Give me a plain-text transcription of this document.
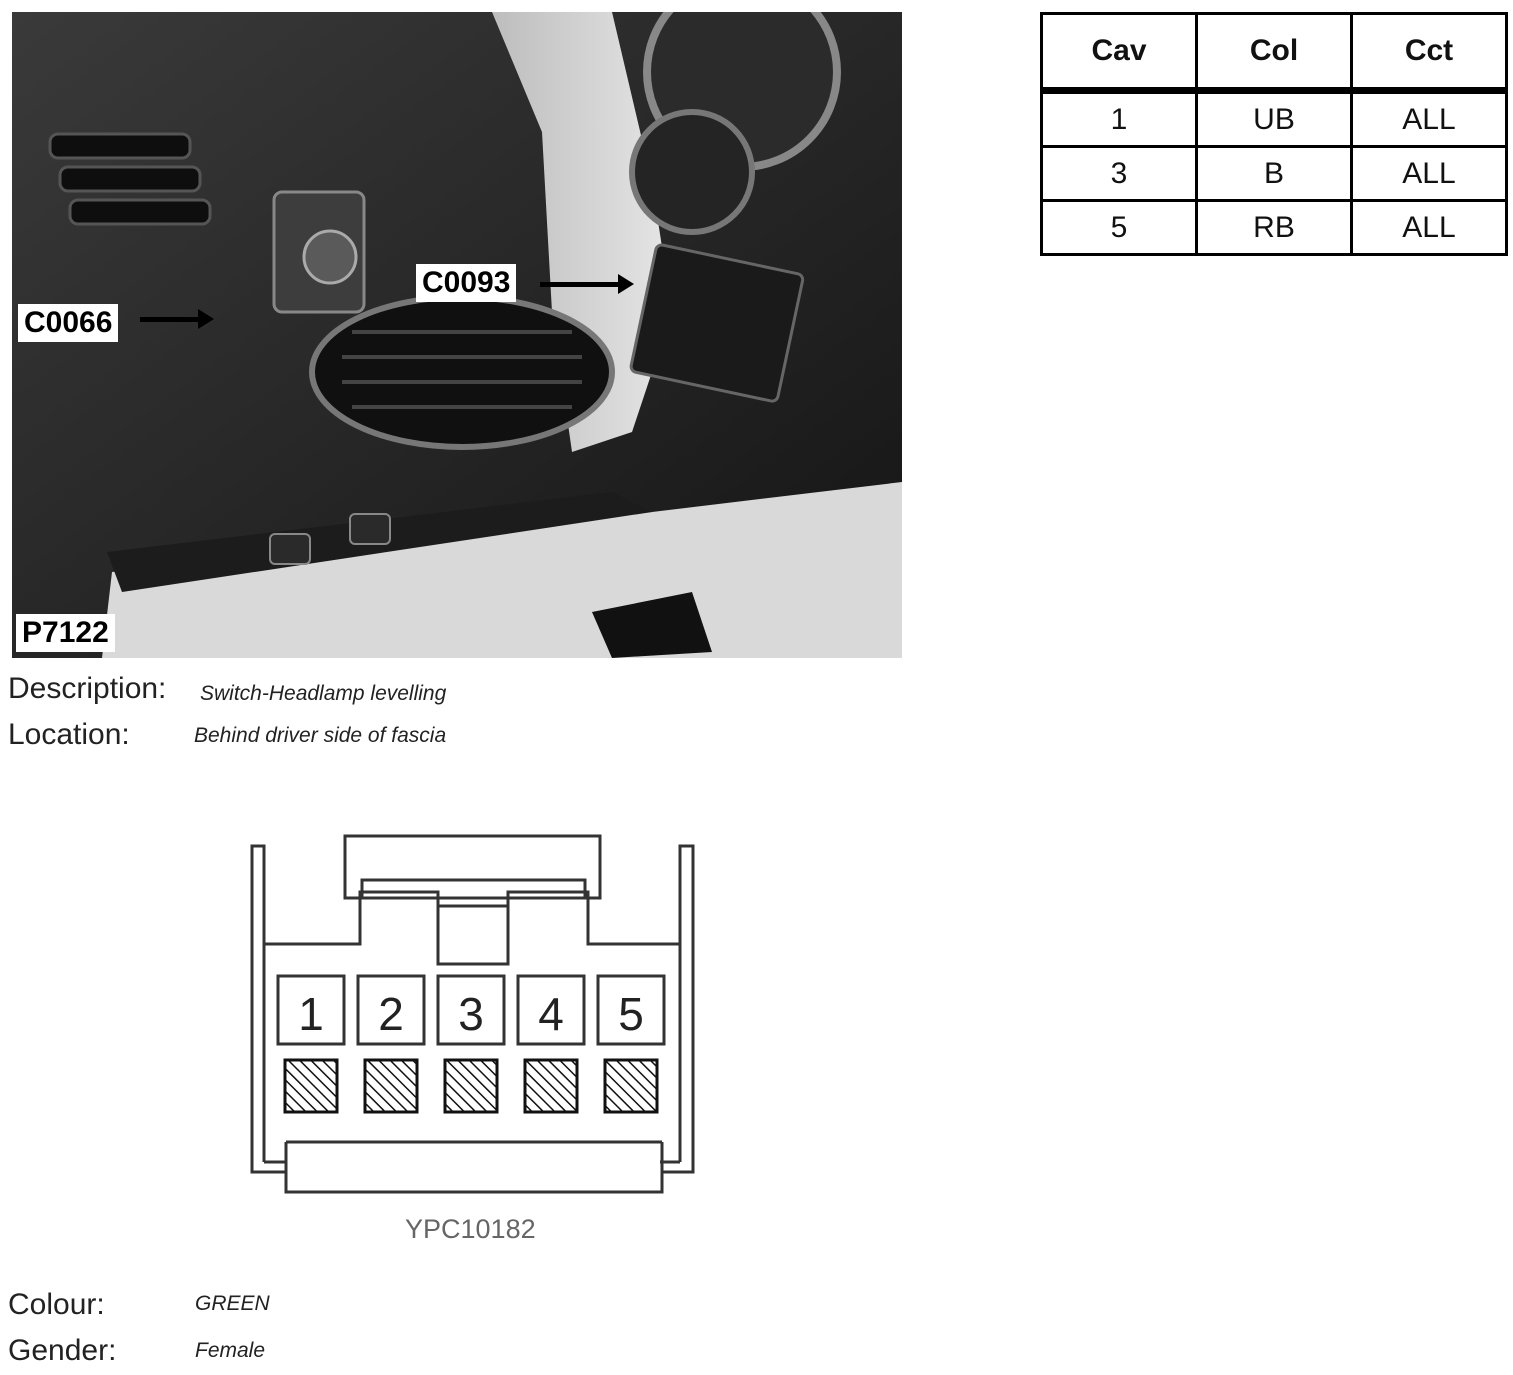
C0066
C0093
P7122
Cav	Col	Cct
1	UB	ALL
3	B	ALL
5	RB	ALL
Description: Switch-Headlamp levelling
Location:	Behind driver side of fascia
1 2 3 4 5
YPC10182
Colour:	GREEN
Gender:	Female
